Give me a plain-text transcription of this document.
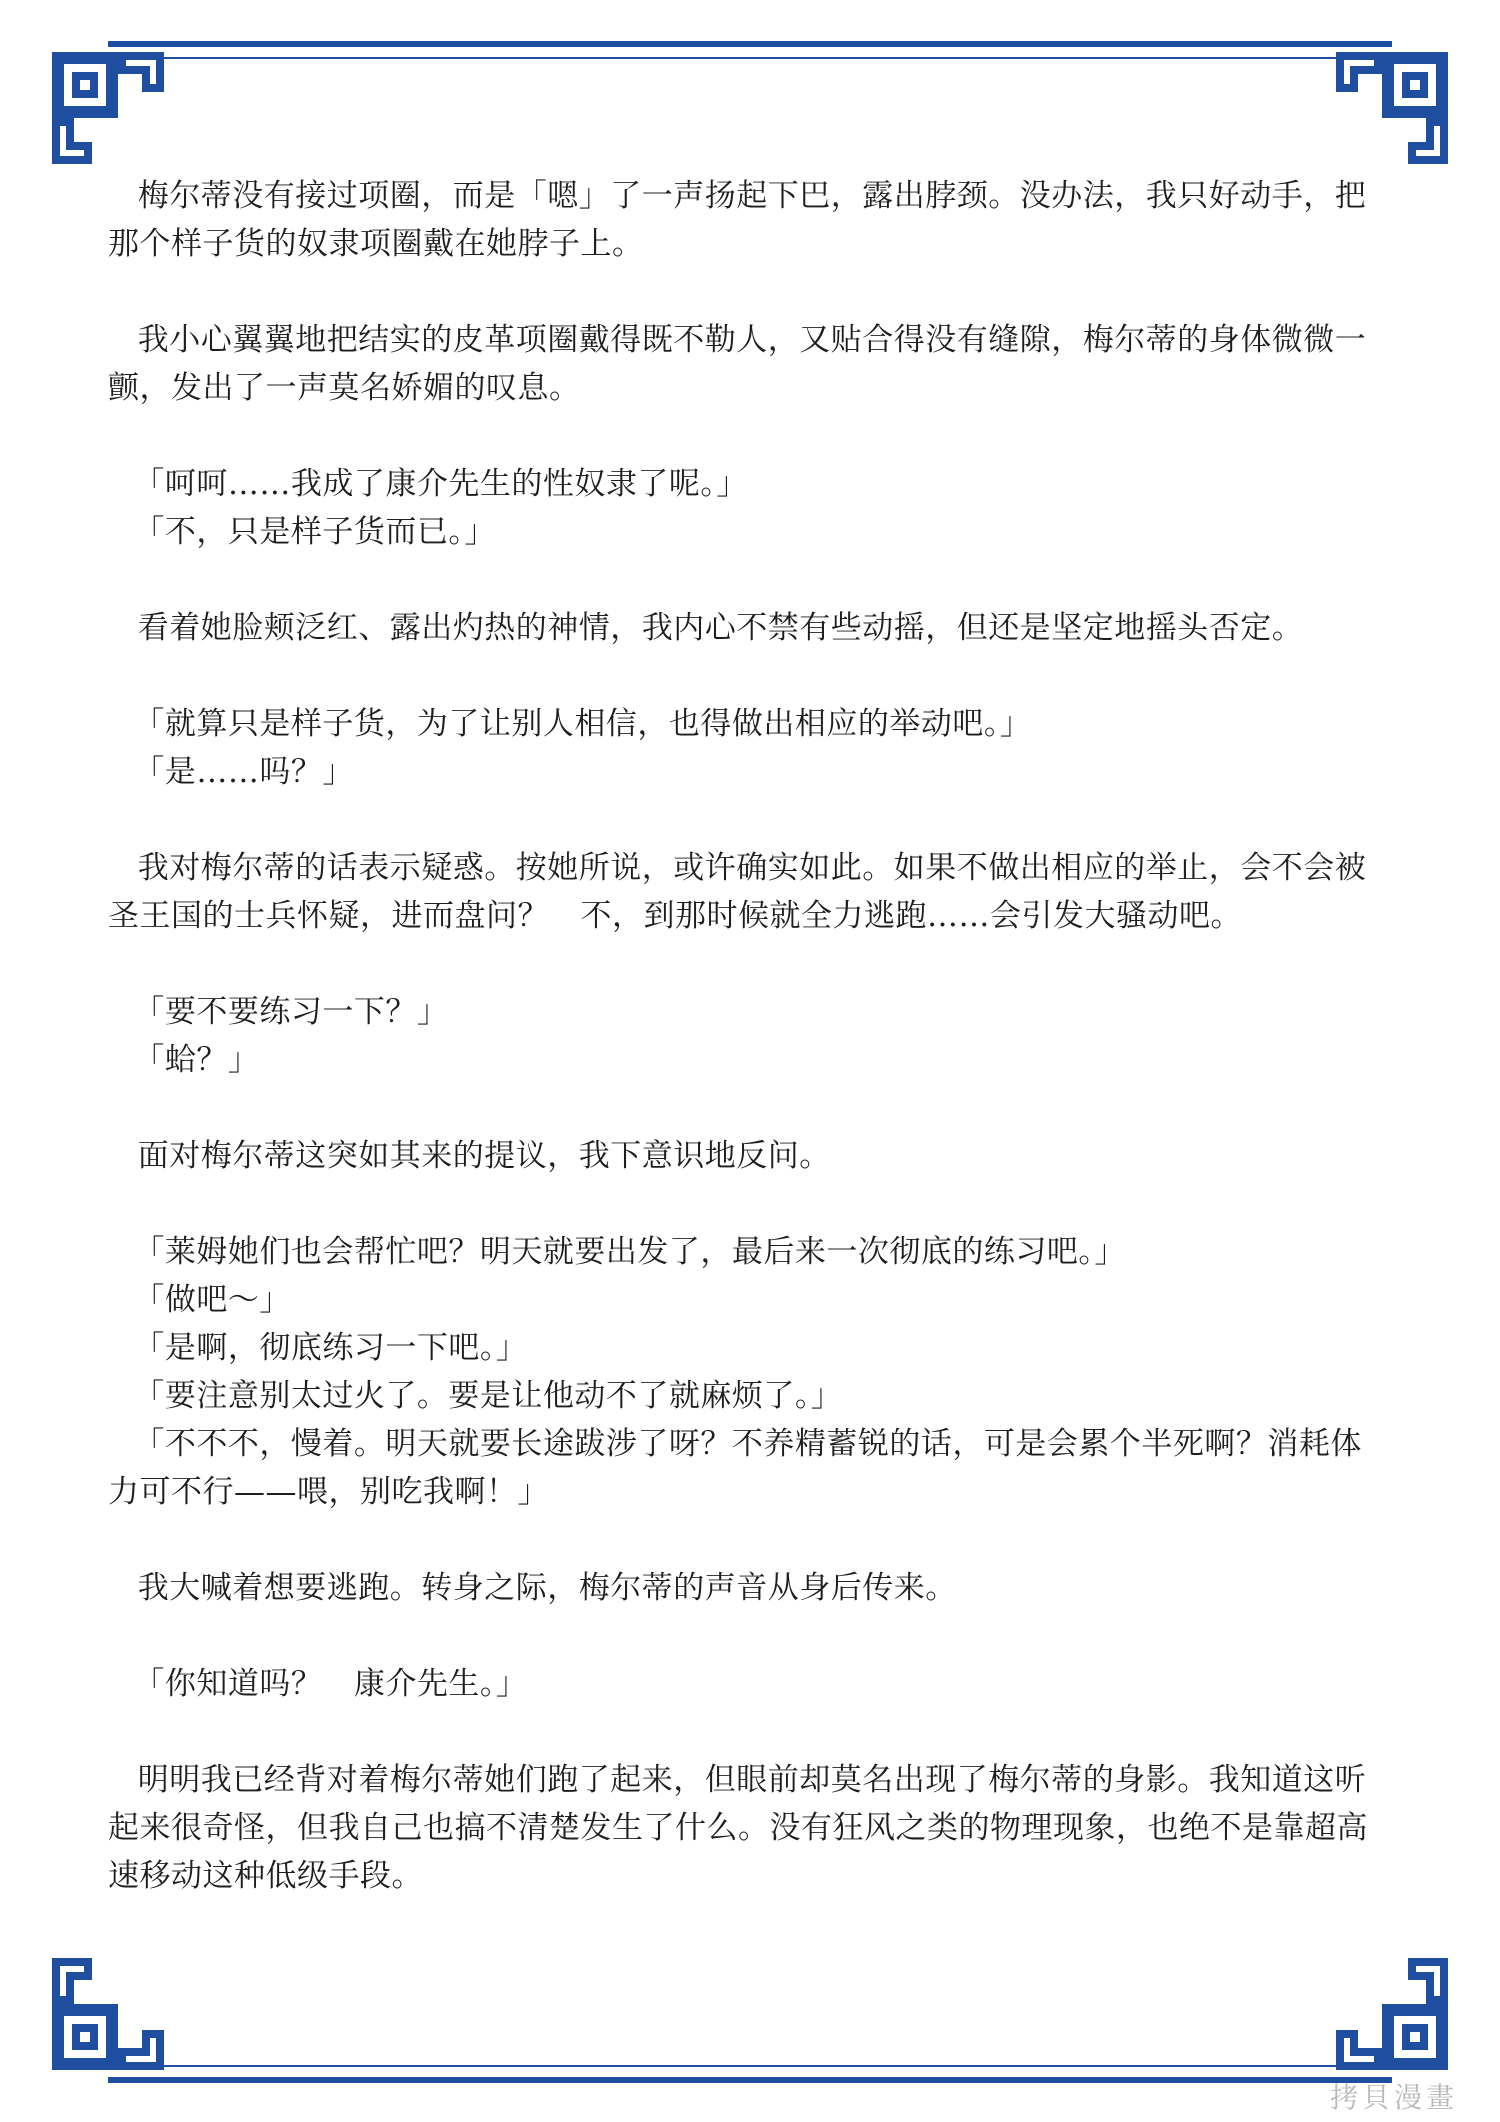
梅尔蒂没有接过项圈，而是「嗯」了一声扬起下巴，露出脖颈。没办法，我只好动手，把那个样子货的奴隶项圈戴在她脖子上。

我小心翼翼地把结实的皮革项圈戴得既不勒人，又贴合得没有缝隙，梅尔蒂的身体微微一颤，发出了一声莫名娇媚的叹息。

「呵呵……我成了康介先生的性奴隶了呢。」

「不，只是样子货而已。」

看着她脸颊泛红、露出灼热的神情，我内心不禁有些动摇，但还是坚定地摇头否定。

「就算只是样子货，为了让别人相信，也得做出相应的举动吧。」

「是……吗？」

我对梅尔蒂的话表示疑惑。按她所说，或许确实如此。如果不做出相应的举止，会不会被圣王国的士兵怀疑，进而盘问？　不，到那时候就全力逃跑……会引发大骚动吧。

「要不要练习一下？」

「蛤？」

面对梅尔蒂这突如其来的提议，我下意识地反问。

「莱姆她们也会帮忙吧？明天就要出发了，最后来一次彻底的练习吧。」

「做吧～」

「是啊，彻底练习一下吧。」

「要注意别太过火了。要是让他动不了就麻烦了。」

「不不不，慢着。明天就要长途跋涉了呀？不养精蓄锐的话，可是会累个半死啊？消耗体力可不行——喂，别吃我啊！」

我大喊着想要逃跑。转身之际，梅尔蒂的声音从身后传来。

「你知道吗？　康介先生。」

明明我已经背对着梅尔蒂她们跑了起来，但眼前却莫名出现了梅尔蒂的身影。我知道这听起来很奇怪，但我自己也搞不清楚发生了什么。没有狂风之类的物理现象，也绝不是靠超高速移动这种低级手段。

拷貝漫畫
